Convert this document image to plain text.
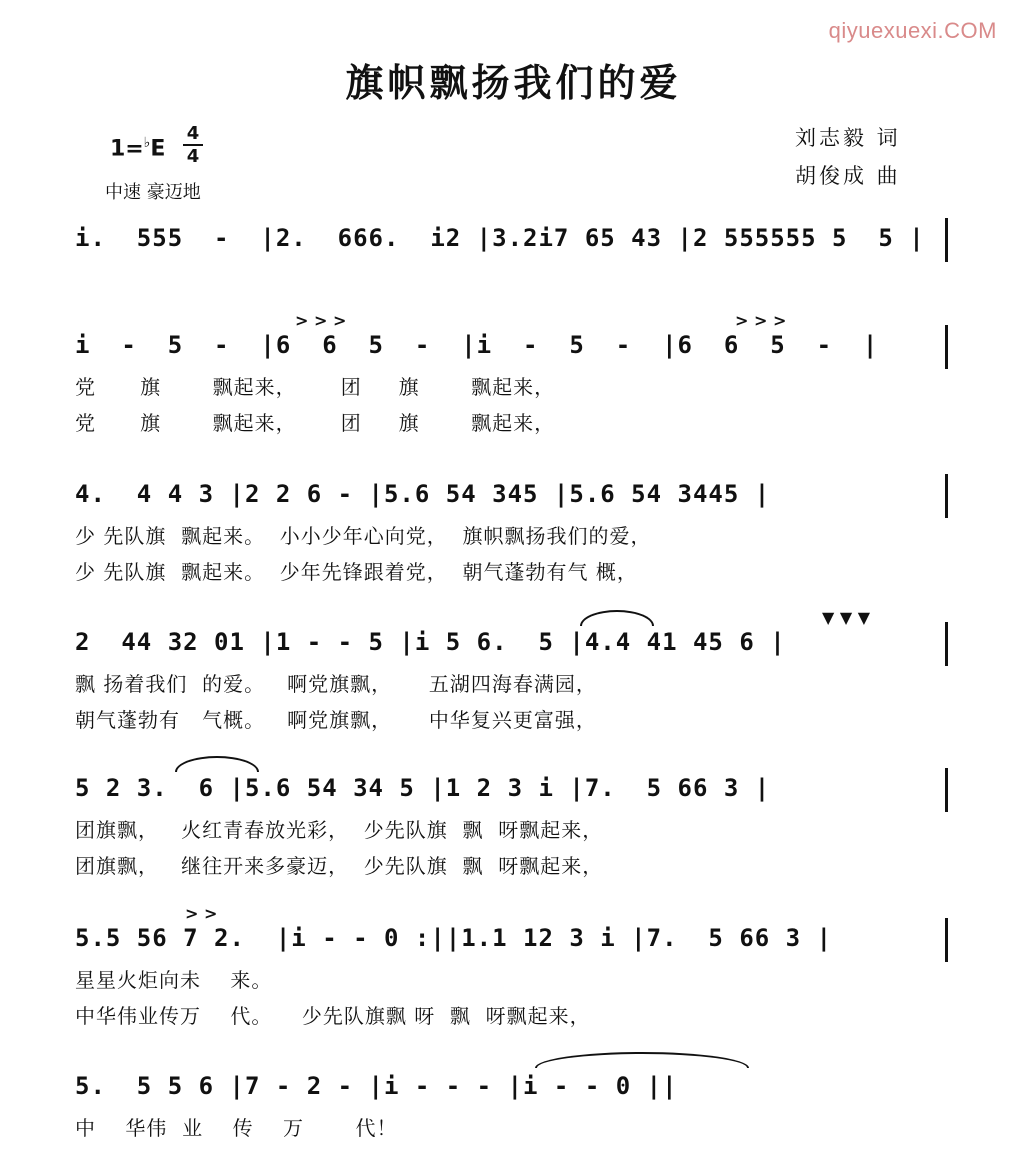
qiyuexuexi.COM
旗帜飘扬我们的爱
1=♭E
4
4
中速 豪迈地
刘志毅 词
胡俊成 曲
i.  555  -  |2.  666.  i2 |3.2i7 65 43 |2 555555 5  5 |
i  -  5  -  |6  6  5  -  |i  -  5  -  |6  6  5  -  |
> > >	> > >
党      旗       飘起来，      团     旗       飘起来，
党      旗       飘起来，      团     旗       飘起来，
4.  4 4 3 |2 2 6 - |5.6 54 345 |5.6 54 3445 |
少 先队旗  飘起来。  小小少年心向党，  旗帜飘扬我们的爱，
少 先队旗  飘起来。  少年先锋跟着党，  朝气蓬勃有气 概，
2  44 32 01 |1 - - 5 |i 5 6.  5 |4.4 41 45 6 |
▼ ▼ ▼
飘 扬着我们  的爱。   啊党旗飘，     五湖四海春满园，
朝气蓬勃有   气概。   啊党旗飘，     中华复兴更富强，
5 2 3.  6 |5.6 54 34 5 |1 2 3 i |7.  5 66 3 |
团旗飘，   火红青春放光彩，  少先队旗  飘  呀飘起来，
团旗飘，   继往开来多豪迈，  少先队旗  飘  呀飘起来，
5.5 56 7 2.  |i - - 0 :||1.1 12 3 i |7.  5 66 3 |
> >
星星火炬向未    来。
中华伟业传万    代。    少先队旗飘 呀  飘  呀飘起来，
5.  5 5 6 |7 - 2 - |i - - - |i - - 0 ||
中    华伟  业    传    万       代！
